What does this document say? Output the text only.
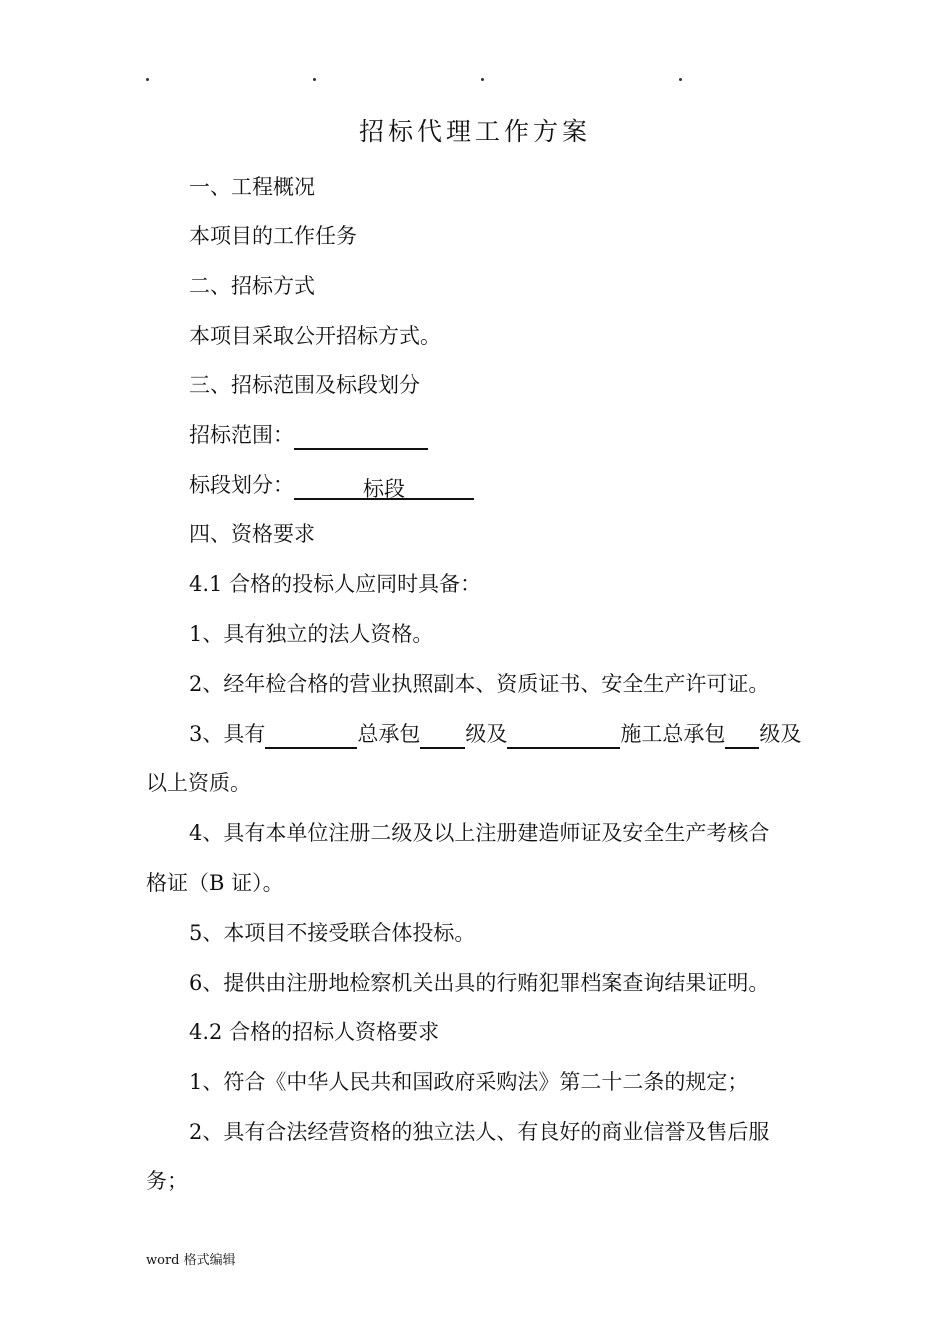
招标代理工作方案
一、工程概况
本项目的工作任务
二、招标方式
本项目采取公开招标方式。
三、招标范围及标段划分
招标范围：
标段划分：	标段
四、资格要求
4.1 合格的投标人应同时具备：
1、具有独立的法人资格。
2、经年检合格的营业执照副本、资质证书、安全生产许可证。
3、具有	总承包 级及	施工总承包 级及
以上资质。
4、具有本单位注册二级及以上注册建造师证及安全生产考核合
格证（B 证）。
5、本项目不接受联合体投标。
6、提供由注册地检察机关出具的行贿犯罪档案查询结果证明。
4.2 合格的招标人资格要求
1、符合《中华人民共和国政府采购法》第二十二条的规定；
2、具有合法经营资格的独立法人、有良好的商业信誉及售后服
务；
word 格式编辑
